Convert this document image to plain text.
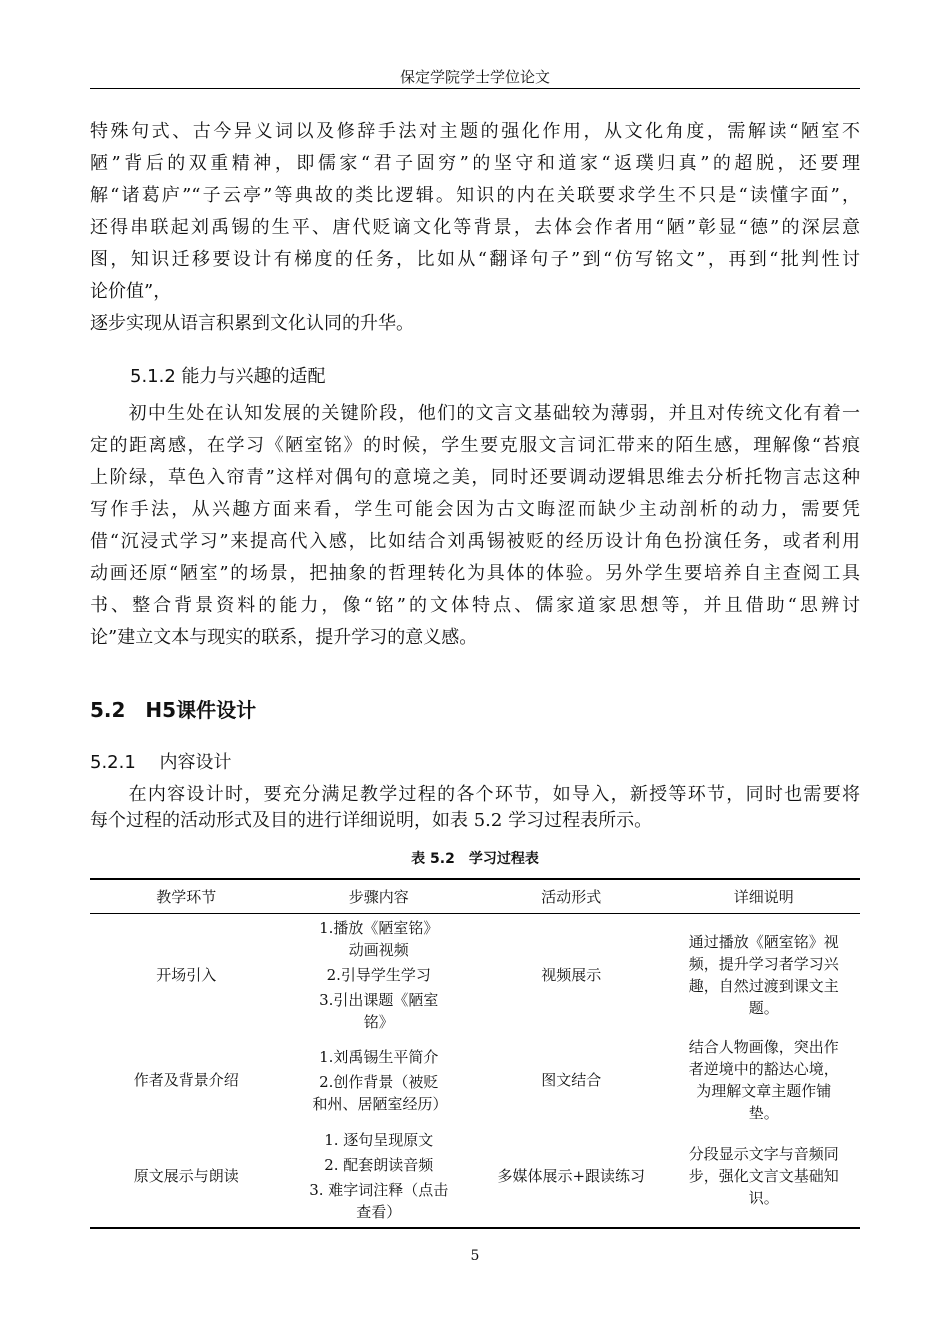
保定学院学士学位论文
特殊句式、古今异义词以及修辞手法对主题的强化作用，从文化角度，需解读“陋室不
陋”背后的双重精神，即儒家“君子固穷”的坚守和道家“返璞归真”的超脱，还要理
解“诸葛庐”“子云亭”等典故的类比逻辑。知识的内在关联要求学生不只是“读懂字面”，
还得串联起刘禹锡的生平、唐代贬谪文化等背景，去体会作者用“陋”彰显“德”的深层意
图，知识迁移要设计有梯度的任务，比如从“翻译句子”到“仿写铭文”，再到“批判性讨
论价值”，
逐步实现从语言积累到文化认同的升华。
5.1.2 能力与兴趣的适配
　　初中生处在认知发展的关键阶段，他们的文言文基础较为薄弱，并且对传统文化有着一
定的距离感，在学习《陋室铭》的时候，学生要克服文言词汇带来的陌生感，理解像“苔痕
上阶绿，草色入帘青”这样对偶句的意境之美，同时还要调动逻辑思维去分析托物言志这种
写作手法，从兴趣方面来看，学生可能会因为古文晦涩而缺少主动剖析的动力，需要凭
借“沉浸式学习”来提高代入感，比如结合刘禹锡被贬的经历设计角色扮演任务，或者利用
动画还原“陋室”的场景，把抽象的哲理转化为具体的体验。另外学生要培养自主查阅工具
书、整合背景资料的能力，像“铭”的文体特点、儒家道家思想等，并且借助“思辨讨
论”建立文本与现实的联系，提升学习的意义感。
5.2　H5课件设计
5.2.1　 内容设计
　　在内容设计时，要充分满足教学过程的各个环节，如导入，新授等环节，同时也需要将
每个过程的活动形式及目的进行详细说明，如表 5.2 学习过程表所示。
表 5.2　学习过程表
教学环节	步骤内容	活动形式	详细说明
开场引入	1.播放《陋室铭》动画视频

2.引导学生学习

3.引出课题《陋室铭》	视频展示	通过播放《陋室铭》视频，提升学习者学习兴趣，自然过渡到课文主题。
作者及背景介绍	1.刘禹锡生平简介

2.创作背景（被贬和州、居陋室经历）	图文结合	结合人物画像，突出作者逆境中的豁达心境，为理解文章主题作铺垫。
原文展示与朗读	1. 逐句呈现原文

2. 配套朗读音频

3. 难字词注释（点击查看）	多媒体展示+跟读练习	分段显示文字与音频同步，强化文言文基础知识。
5
